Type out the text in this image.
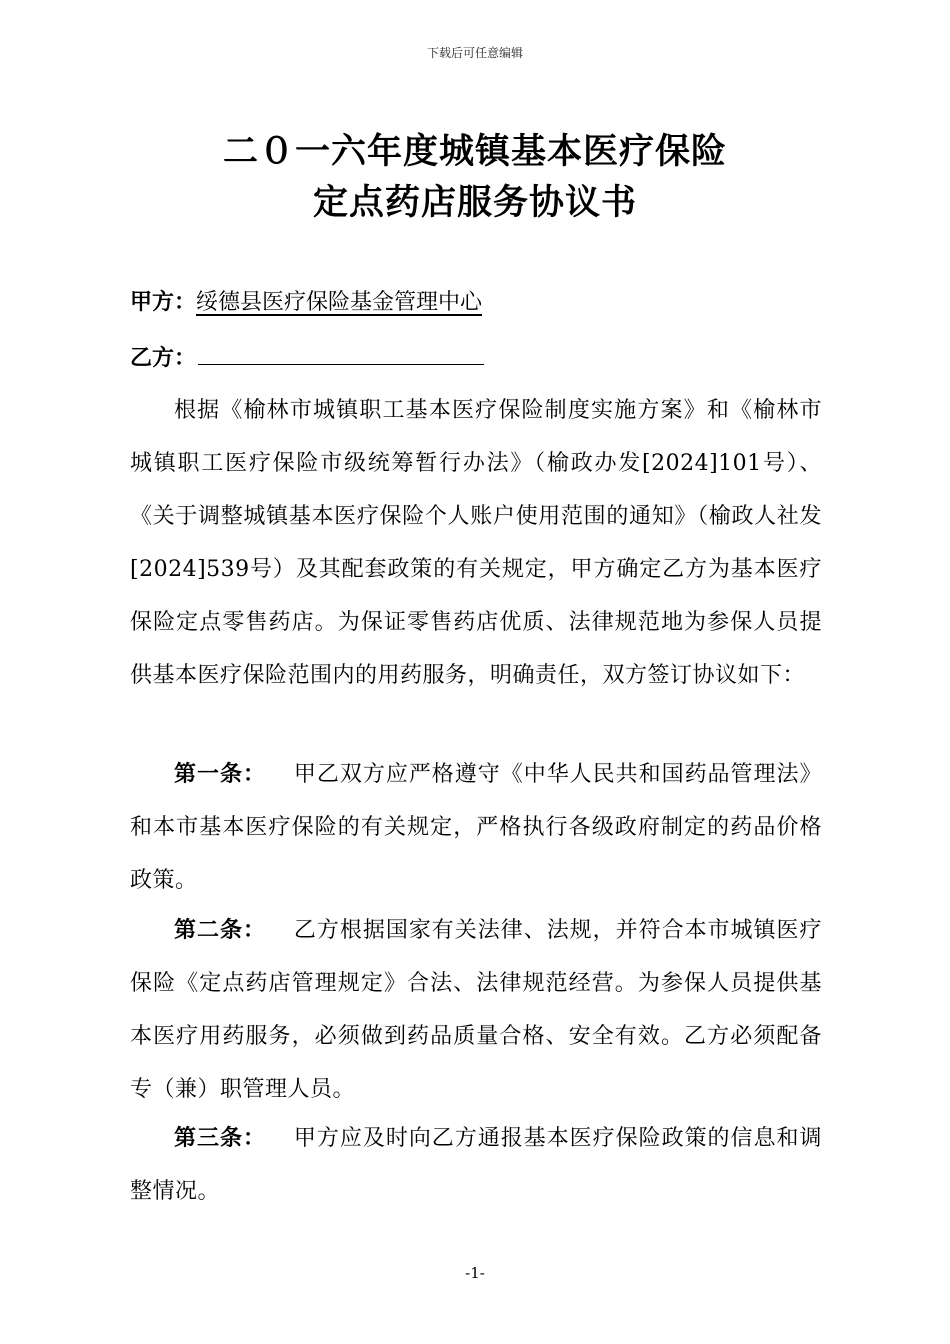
下载后可任意编辑
二０一六年度城镇基本医疗保险
定点药店服务协议书
甲方：绥德县医疗保险基金管理中心
乙方：
根据《榆林市城镇职工基本医疗保险制度实施方案》和《榆林市城镇职工医疗保险市级统筹暂行办法》（榆政办发[2024]101号）、《关于调整城镇基本医疗保险个人账户使用范围的通知》（榆政人社发[2024]539号）及其配套政策的有关规定，甲方确定乙方为基本医疗保险定点零售药店。为保证零售药店优质、法律规范地为参保人员提供基本医疗保险范围内的用药服务，明确责任，双方签订协议如下：
第一条： 甲乙双方应严格遵守《中华人民共和国药品管理法》和本市基本医疗保险的有关规定，严格执行各级政府制定的药品价格政策。
第二条： 乙方根据国家有关法律、法规，并符合本市城镇医疗保险《定点药店管理规定》合法、法律规范经营。为参保人员提供基本医疗用药服务，必须做到药品质量合格、安全有效。乙方必须配备专（兼）职管理人员。
第三条： 甲方应及时向乙方通报基本医疗保险政策的信息和调整情况。
-1-
